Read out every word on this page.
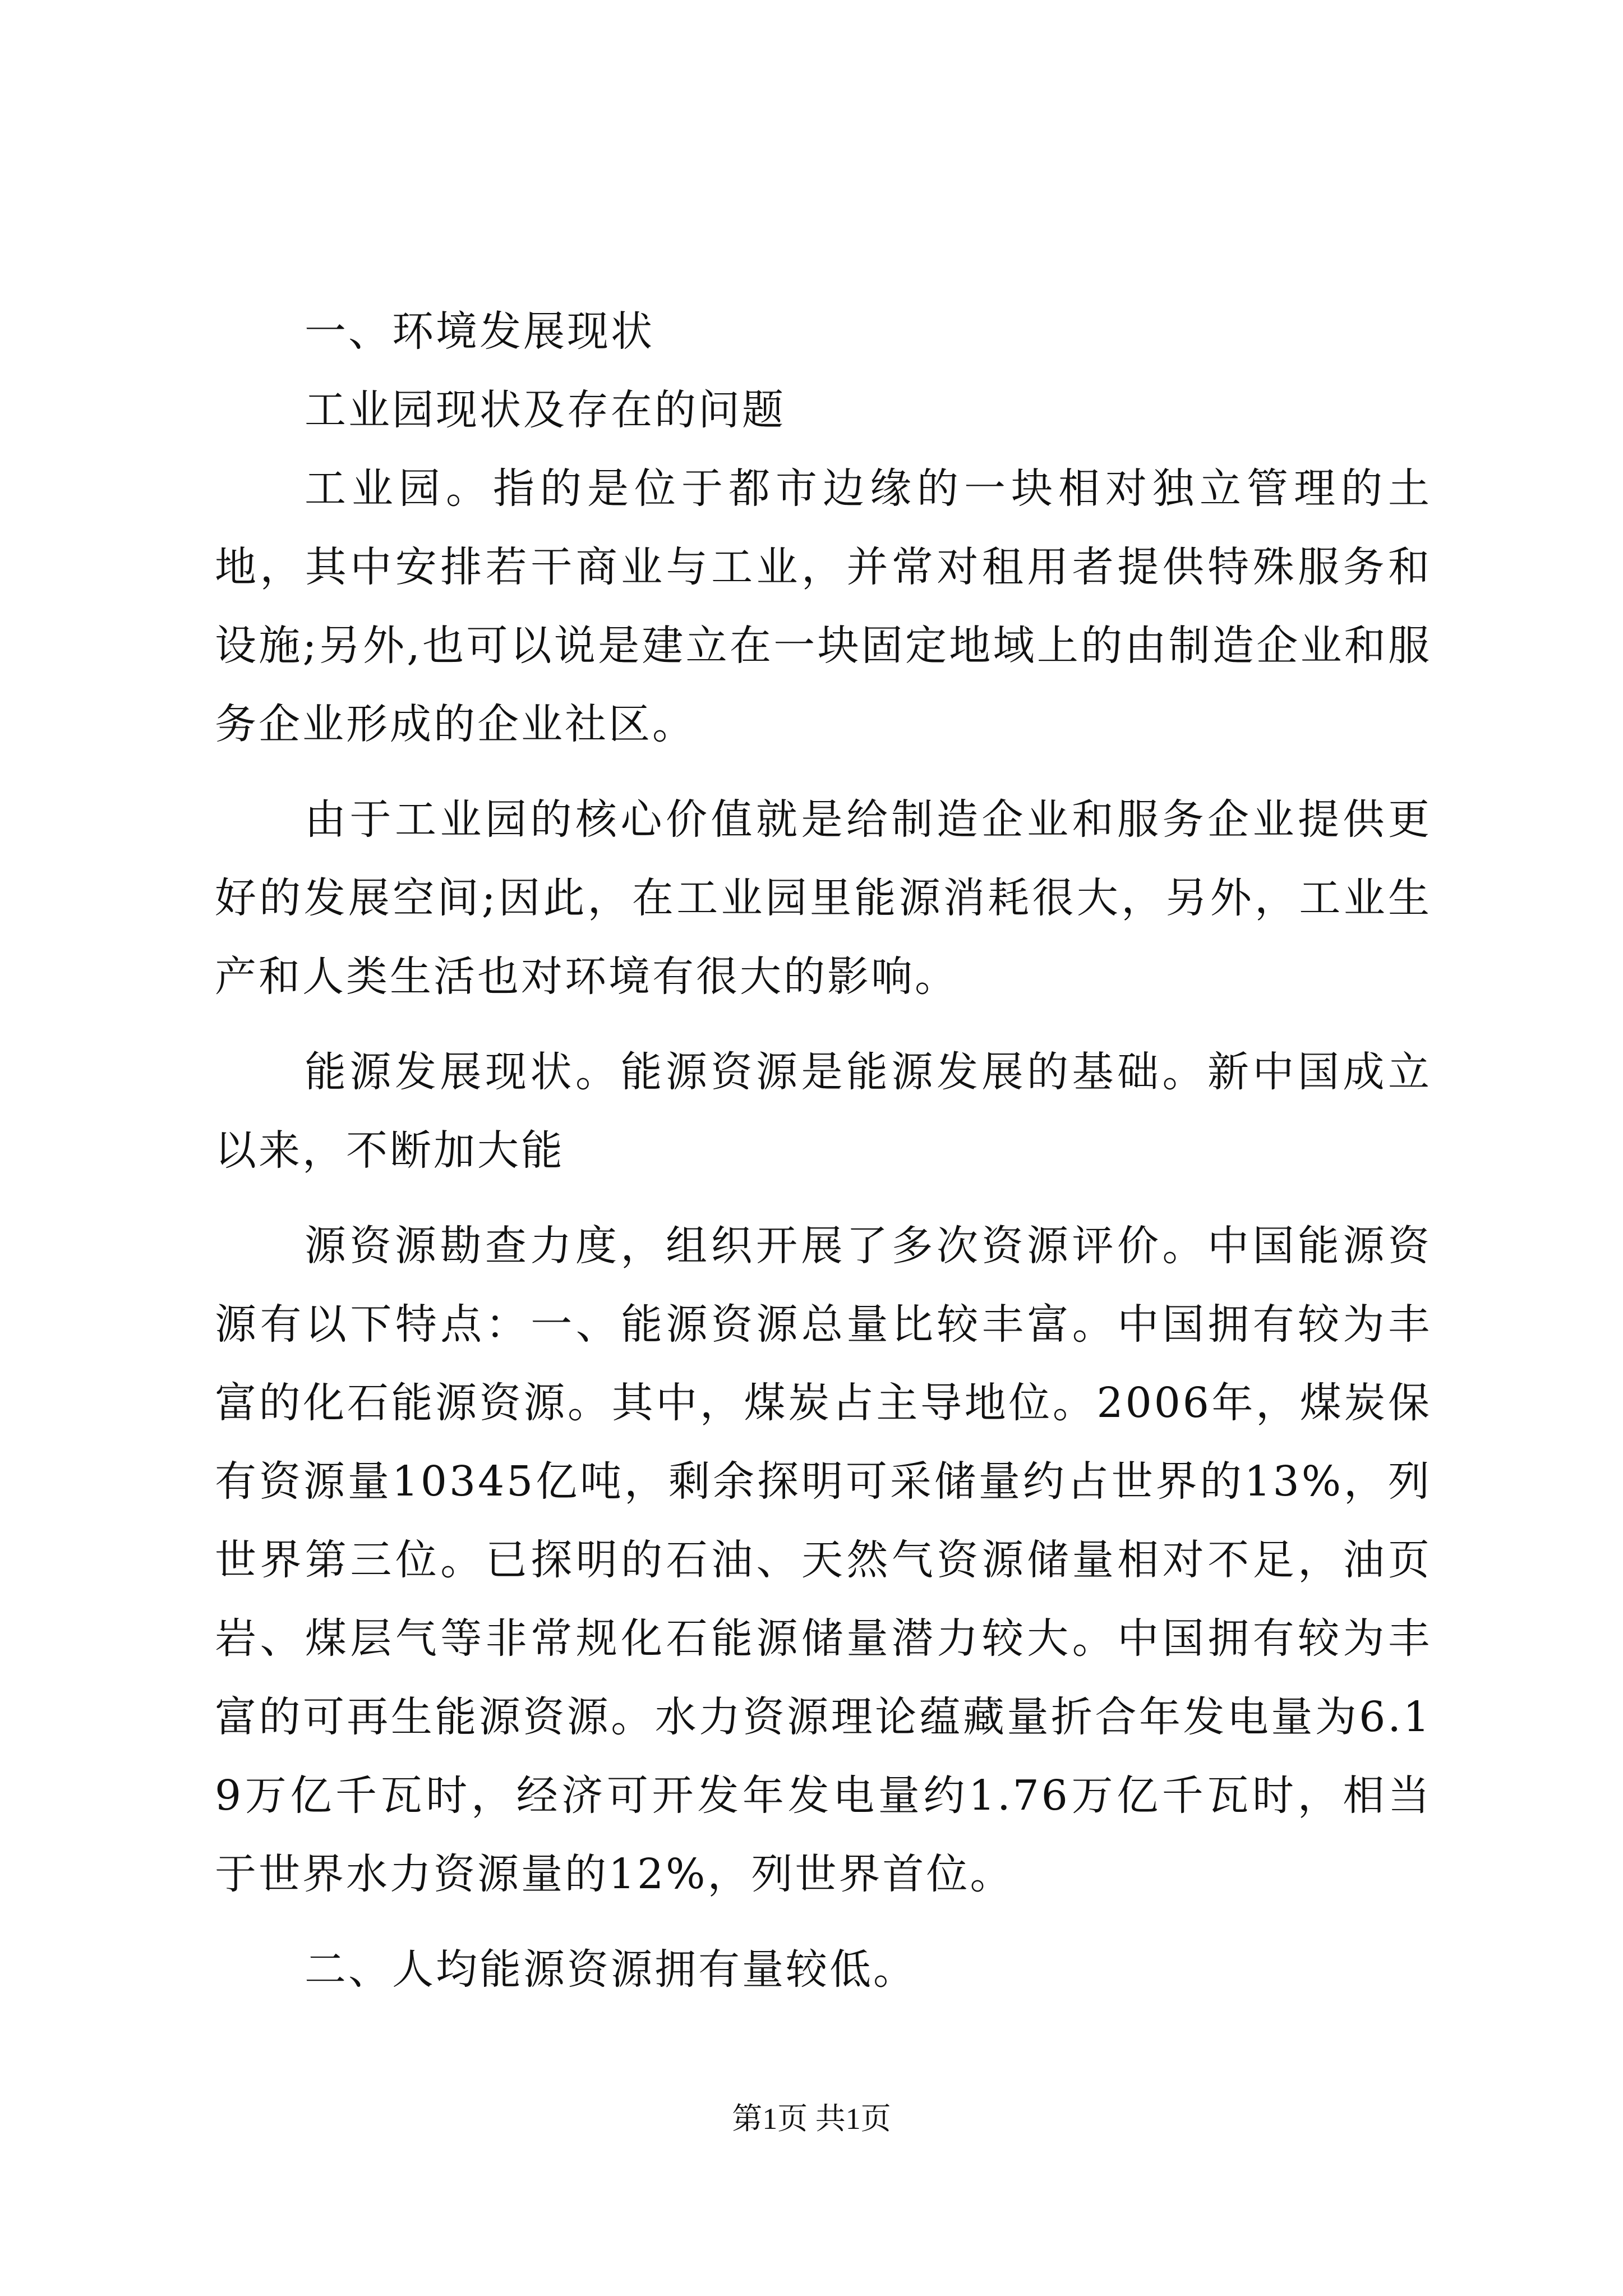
一、环境发展现状

工业园现状及存在的问题

工业园。指的是位于都市边缘的一块相对独立管理的土地，其中安排若干商业与工业，并常对租用者提供特殊服务和设施;另外,也可以说是建立在一块固定地域上的由制造企业和服务企业形成的企业社区。

由于工业园的核心价值就是给制造企业和服务企业提供更好的发展空间;因此，在工业园里能源消耗很大，另外，工业生产和人类生活也对环境有很大的影响。

能源发展现状。能源资源是能源发展的基础。新中国成立以来，不断加大能

源资源勘查力度，组织开展了多次资源评价。中国能源资源有以下特点：一、能源资源总量比较丰富。中国拥有较为丰富的化石能源资源。其中，煤炭占主导地位。2006年，煤炭保有资源量10345亿吨，剩余探明可采储量约占世界的13%，列世界第三位。已探明的石油、天然气资源储量相对不足，油页岩、煤层气等非常规化石能源储量潜力较大。中国拥有较为丰富的可再生能源资源。水力资源理论蕴藏量折合年发电量为6.19万亿千瓦时，经济可开发年发电量约1.76万亿千瓦时，相当于世界水力资源量的12%，列世界首位。

二、人均能源资源拥有量较低。

第1页 共1页
